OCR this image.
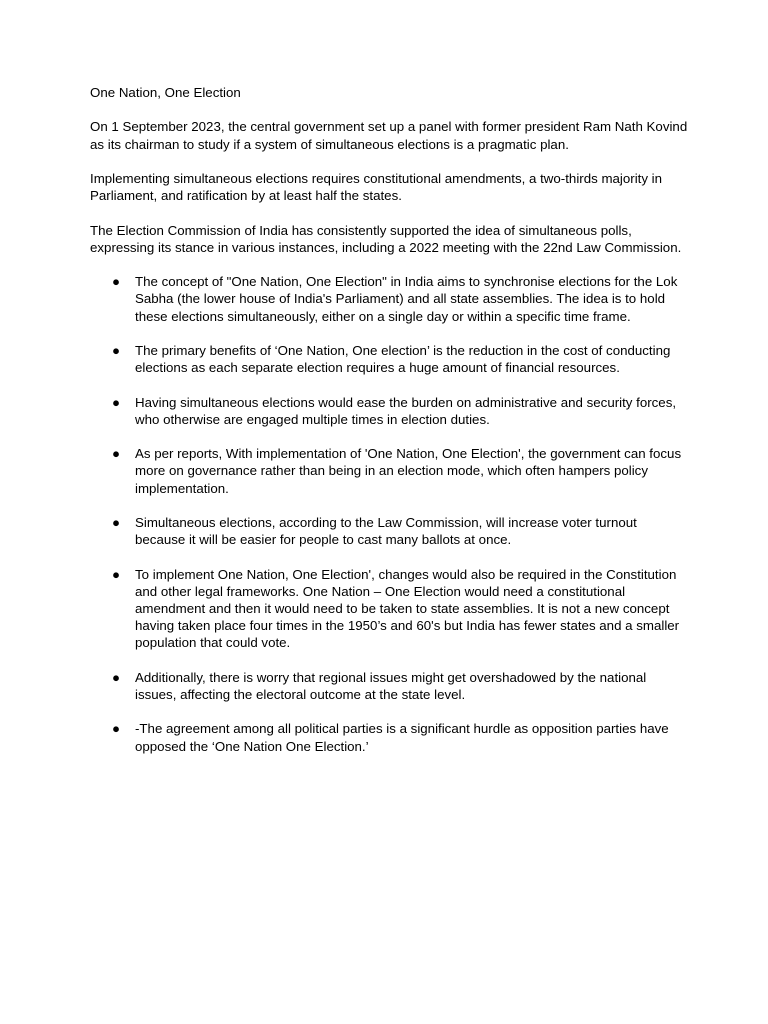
One Nation, One Election

On 1 September 2023, the central government set up a panel with former president Ram Nath Kovind as its chairman to study if a system of simultaneous elections is a pragmatic plan.

Implementing simultaneous elections requires constitutional amendments, a two-thirds majority in Parliament, and ratification by at least half the states.

The Election Commission of India has consistently supported the idea of simultaneous polls, expressing its stance in various instances, including a 2022 meeting with the 22nd Law Commission.

● The concept of "One Nation, One Election" in India aims to synchronise elections for the Lok Sabha (the lower house of India's Parliament) and all state assemblies. The idea is to hold these elections simultaneously, either on a single day or within a specific time frame.
● The primary benefits of ‘One Nation, One election’ is the reduction in the cost of conducting elections as each separate election requires a huge amount of financial resources.
● Having simultaneous elections would ease the burden on administrative and security forces, who otherwise are engaged multiple times in election duties.
● As per reports, With implementation of 'One Nation, One Election', the government can focus more on governance rather than being in an election mode, which often hampers policy implementation.
● Simultaneous elections, according to the Law Commission, will increase voter turnout because it will be easier for people to cast many ballots at once.
● To implement One Nation, One Election', changes would also be required in the Constitution and other legal frameworks. One Nation – One Election would need a constitutional amendment and then it would need to be taken to state assemblies. It is not a new concept having taken place four times in the 1950’s and 60's but India has fewer states and a smaller population that could vote.
● Additionally, there is worry that regional issues might get overshadowed by the national issues, affecting the electoral outcome at the state level.
● -The agreement among all political parties is a significant hurdle as opposition parties have opposed the ‘One Nation One Election.’
